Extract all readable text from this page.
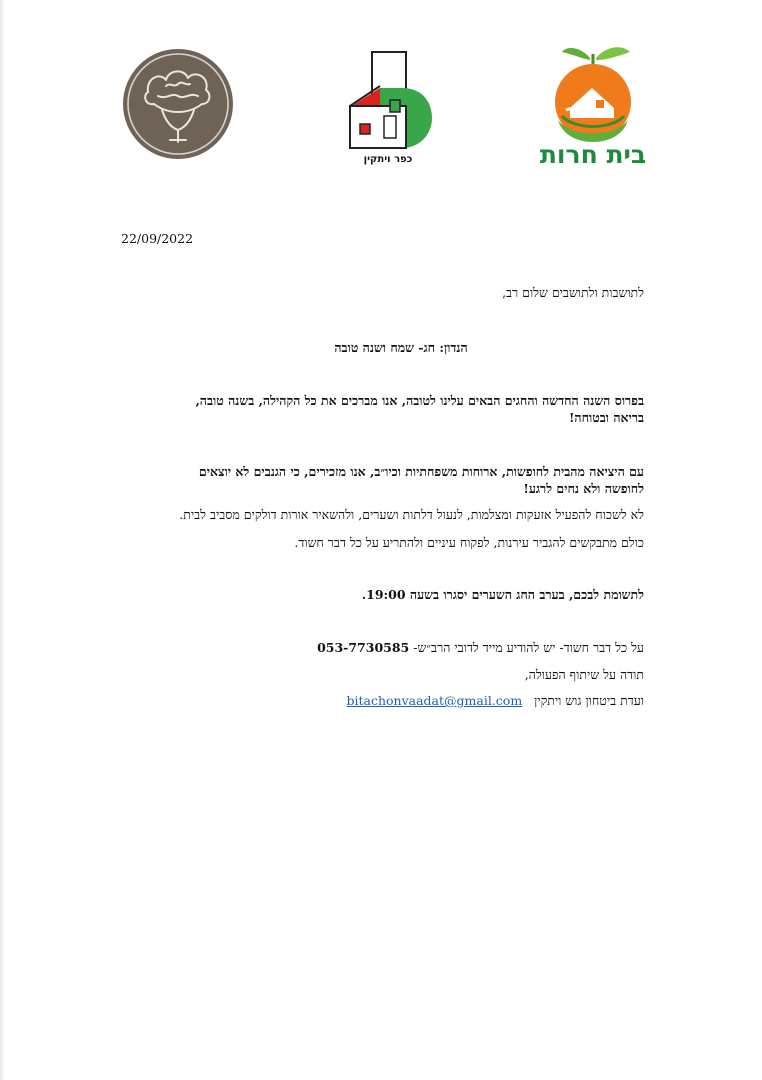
כפר ויתקין	בית חרות
22/09/2022
לתושבות ולתושבים שלום רב,
הנדון: חג- שמח ושנה טובה
בפרוס השנה החדשה והחגים הבאים עלינו לטובה, אנו מברכים את כל הקהילה, בשנה טובה,
בריאה ובטוחה!
עם היציאה מהבית לחופשות, ארוחות משפחתיות וכיו״ב, אנו מזכירים, כי הגנבים לא יוצאים
לחופשה ולא נחים לרגע!
לא לשכוח להפעיל אזעקות ומצלמות, לנעול דלתות ושערים, ולהשאיר אורות דולקים מסביב לבית.
כולם מתבקשים להגביר עירנות, לפקוח עיניים ולהתריע על כל דבר חשוד.
לתשומת לבכם, בערב החג השערים יסגרו בשעה 19:00.
על כל דבר חשוד- יש להודיע מייד לדובי הרב״ש- 053-7730585
תודה על שיתוף הפעולה,
ועדת ביטחון גוש ויתקין   bitachonvaadat@gmail.com
